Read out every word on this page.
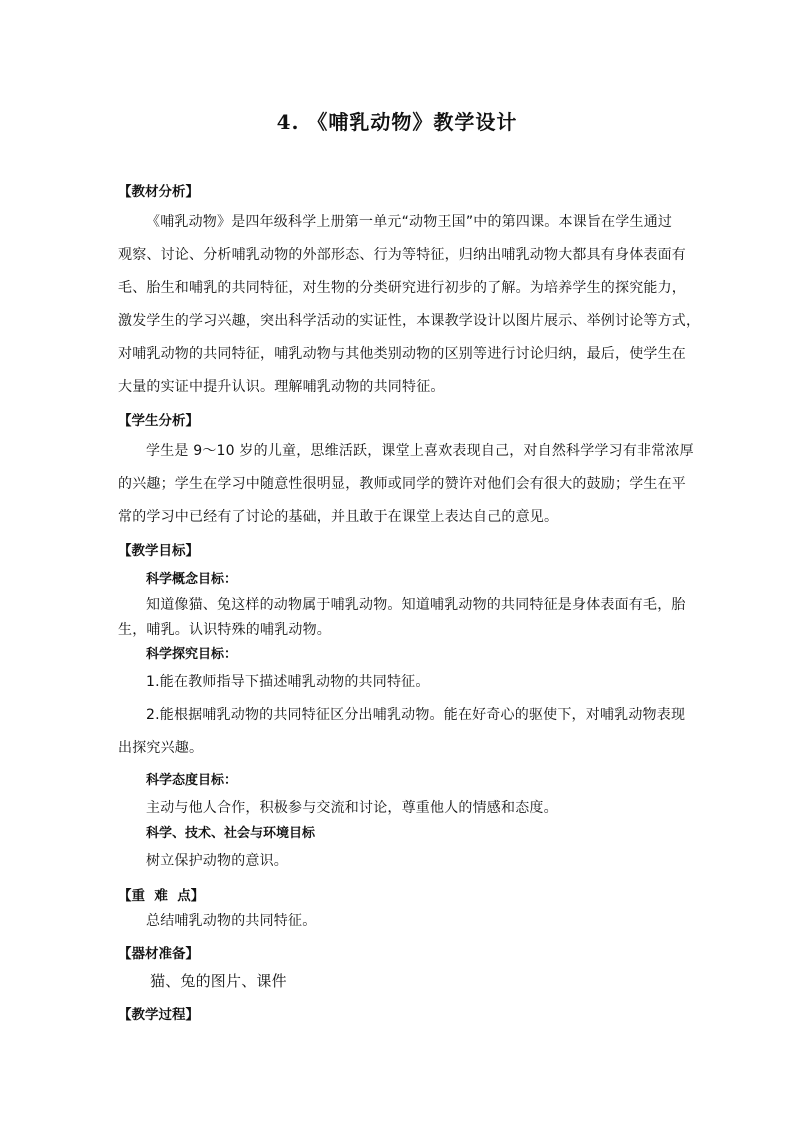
4. 《哺乳动物》教学设计
【教材分析】
《哺乳动物》是四年级科学上册第一单元“动物王国”中的第四课。本课旨在学生通过
观察、讨论、分析哺乳动物的外部形态、行为等特征，归纳出哺乳动物大都具有身体表面有
毛、胎生和哺乳的共同特征，对生物的分类研究进行初步的了解。为培养学生的探究能力，
激发学生的学习兴趣，突出科学活动的实证性，本课教学设计以图片展示、举例讨论等方式，
对哺乳动物的共同特征，哺乳动物与其他类别动物的区别等进行讨论归纳，最后，使学生在
大量的实证中提升认识。理解哺乳动物的共同特征。
【学生分析】
学生是 9～10 岁的儿童，思维活跃，课堂上喜欢表现自己，对自然科学学习有非常浓厚
的兴趣；学生在学习中随意性很明显，教师或同学的赞许对他们会有很大的鼓励；学生在平
常的学习中已经有了讨论的基础，并且敢于在课堂上表达自己的意见。
【教学目标】
科学概念目标：
知道像猫、兔这样的动物属于哺乳动物。知道哺乳动物的共同特征是身体表面有毛，胎
生，哺乳。认识特殊的哺乳动物。
科学探究目标：
1.能在教师指导下描述哺乳动物的共同特征。
2.能根据哺乳动物的共同特征区分出哺乳动物。能在好奇心的驱使下，对哺乳动物表现
出探究兴趣。
科学态度目标：
主动与他人合作，积极参与交流和讨论，尊重他人的情感和态度。
科学、技术、社会与环境目标
树立保护动物的意识。
【重  难  点】
总结哺乳动物的共同特征。
【器材准备】
猫、兔的图片、课件
【教学过程】
